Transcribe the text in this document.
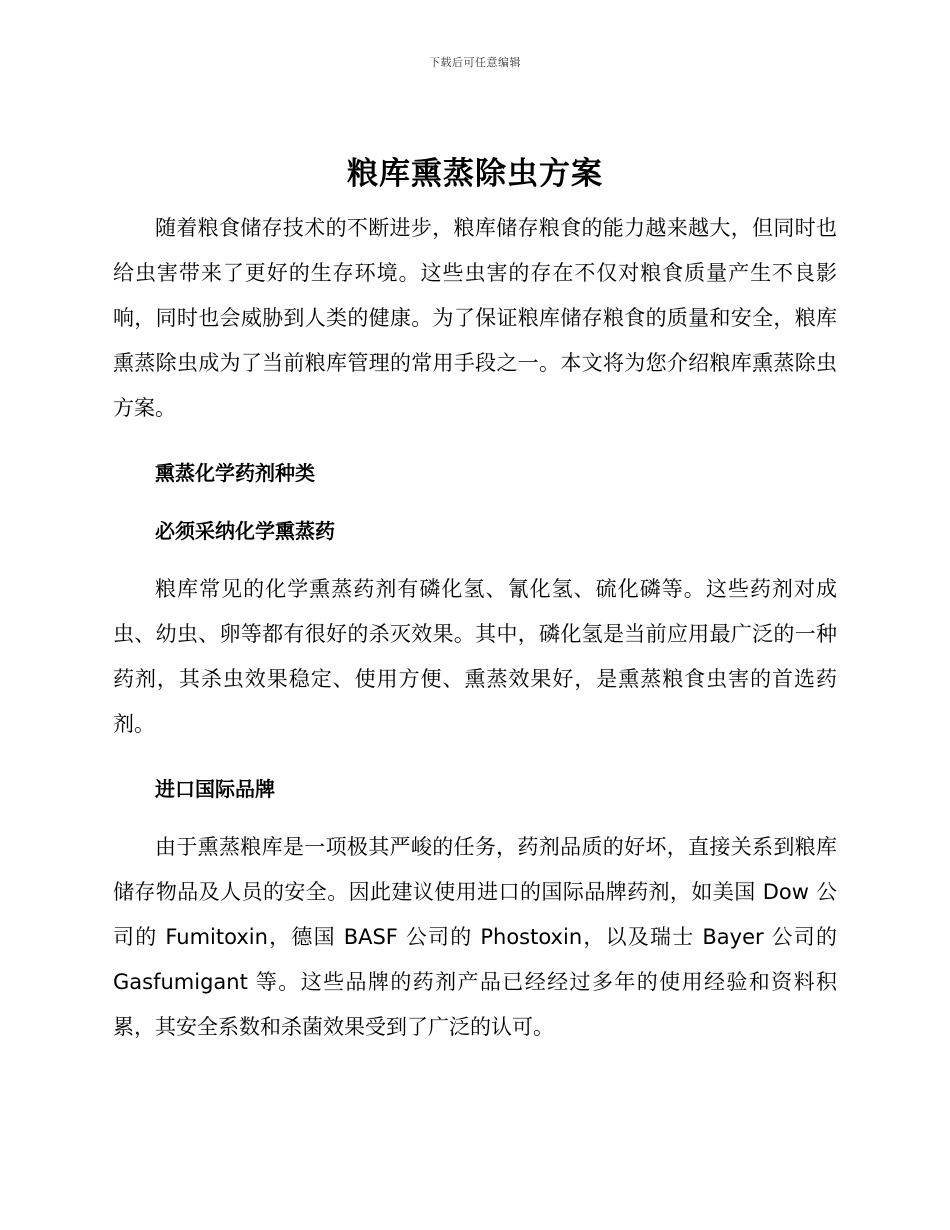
下载后可任意编辑
粮库熏蒸除虫方案

随着粮食储存技术的不断进步，粮库储存粮食的能力越来越大，但同时也给虫害带来了更好的生存环境。这些虫害的存在不仅对粮食质量产生不良影响，同时也会威胁到人类的健康。为了保证粮库储存粮食的质量和安全，粮库熏蒸除虫成为了当前粮库管理的常用手段之一。本文将为您介绍粮库熏蒸除虫方案。

熏蒸化学药剂种类
必须采纳化学熏蒸药

粮库常见的化学熏蒸药剂有磷化氢、氰化氢、硫化磷等。这些药剂对成虫、幼虫、卵等都有很好的杀灭效果。其中，磷化氢是当前应用最广泛的一种药剂，其杀虫效果稳定、使用方便、熏蒸效果好，是熏蒸粮食虫害的首选药剂。

进口国际品牌

由于熏蒸粮库是一项极其严峻的任务，药剂品质的好坏，直接关系到粮库储存物品及人员的安全。因此建议使用进口的国际品牌药剂，如美国 Dow 公司的 Fumitoxin，德国 BASF 公司的 Phostoxin，以及瑞士 Bayer 公司的 Gasfumigant 等。这些品牌的药剂产品已经经过多年的使用经验和资料积累，其安全系数和杀菌效果受到了广泛的认可。
